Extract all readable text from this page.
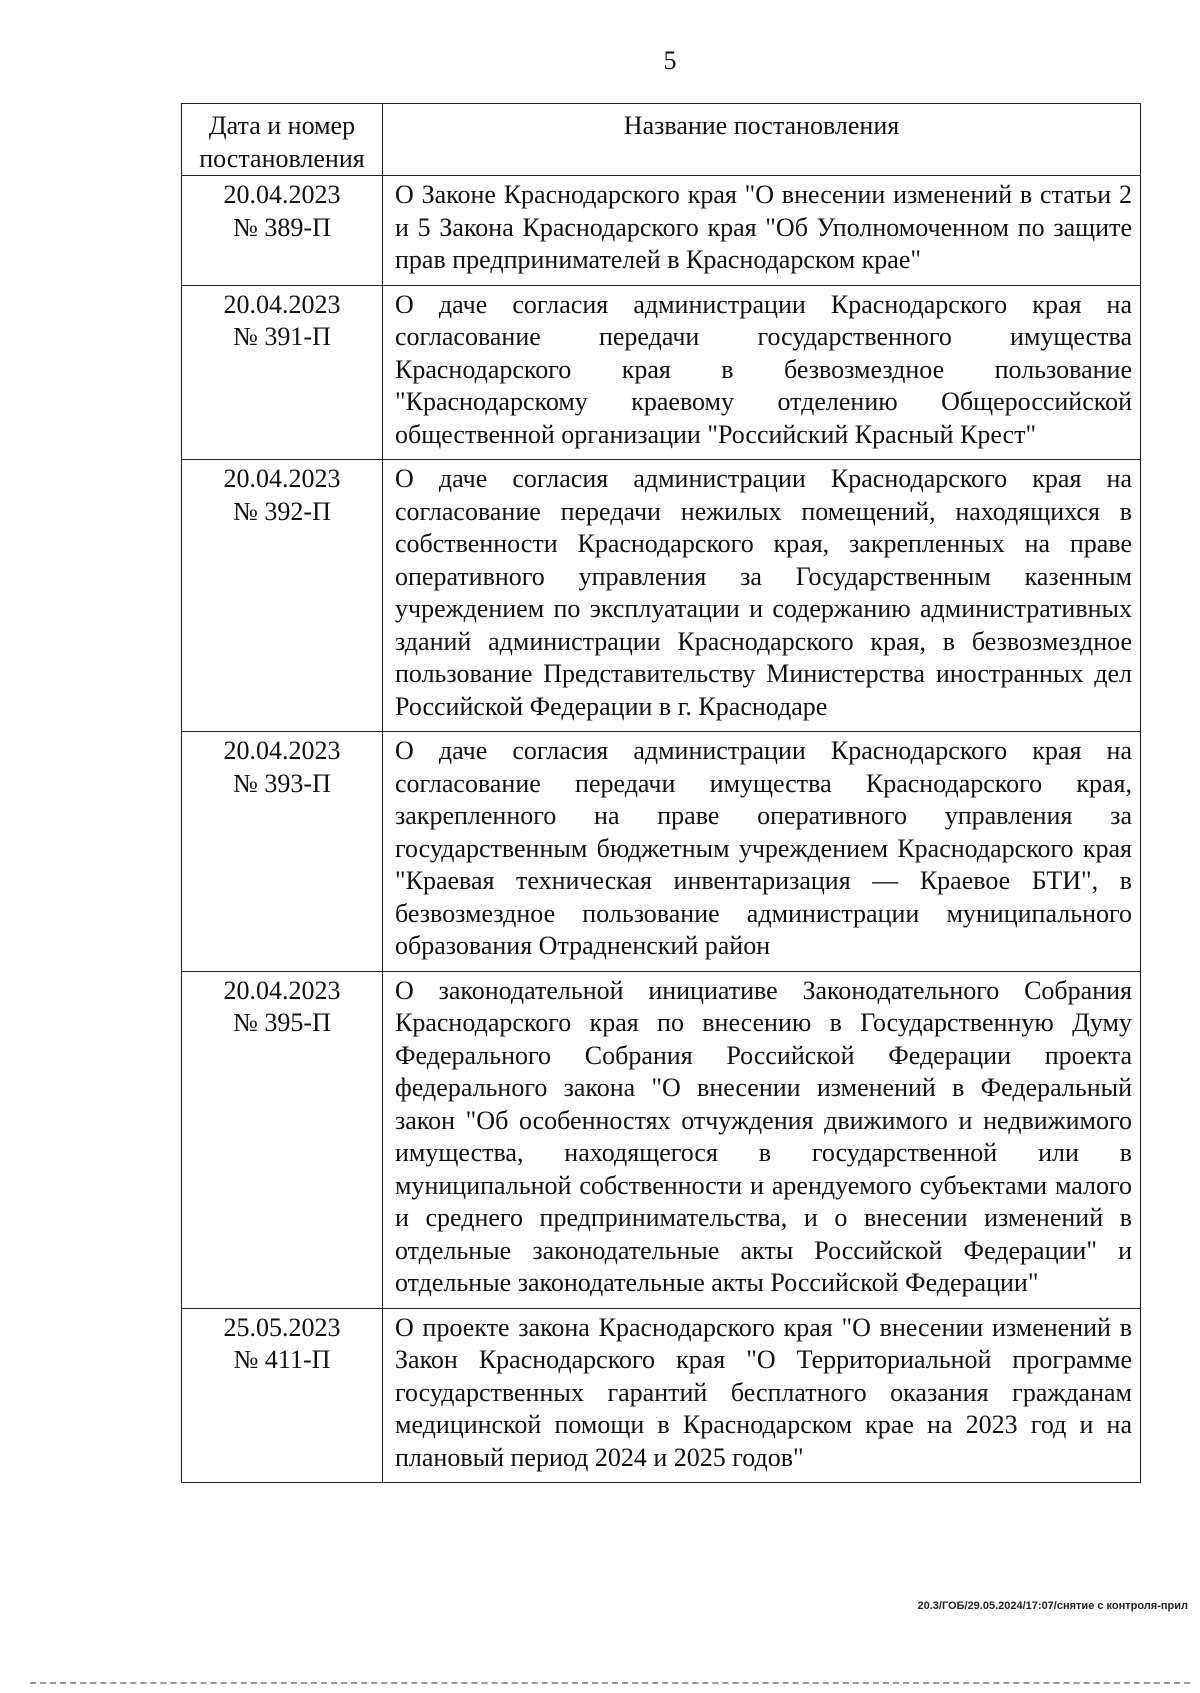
5
Дата и номер постановления	Название постановления

20.04.2023
№ 389-П	О Законе Краснодарского края "О внесении изменений в статьи 2 и 5 Закона Краснодарского края "Об Уполномоченном по защите прав предпринимателей в Краснодарском крае"

20.04.2023
№ 391-П	О даче согласия администрации Краснодарского края на согласование передачи государственного имущества Краснодарского края в безвозмездное пользование "Краснодарскому краевому отделению Общероссийской общественной организации "Российский Красный Крест"

20.04.2023
№ 392-П	О даче согласия администрации Краснодарского края на согласование передачи нежилых помещений, находящихся в собственности Краснодарского края, закрепленных на праве оперативного управления за Государственным казенным учреждением по эксплуатации и содержанию административных зданий администрации Краснодарского края, в безвозмездное пользование Представительству Министерства иностранных дел Российской Федерации в г. Краснодаре

20.04.2023
№ 393-П	О даче согласия администрации Краснодарского края на согласование передачи имущества Краснодарского края, закрепленного на праве оперативного управления за государственным бюджетным учреждением Краснодарского края "Краевая техническая инвентаризация — Краевое БТИ", в безвозмездное пользование администрации муниципального образования Отрадненский район

20.04.2023
№ 395-П	О законодательной инициативе Законодательного Собрания Краснодарского края по внесению в Государственную Думу Федерального Собрания Российской Федерации проекта федерального закона "О внесении изменений в Федеральный закон "Об особенностях отчуждения движимого и недвижимого имущества, находящегося в государственной или в муниципальной собственности и арендуемого субъектами малого и среднего предпринимательства, и о внесении изменений в отдельные законодательные акты Российской Федерации" и отдельные законодательные акты Российской Федерации"

25.05.2023
№ 411-П	О проекте закона Краснодарского края "О внесении изменений в Закон Краснодарского края "О Территориальной программе государственных гарантий бесплатного оказания гражданам медицинской помощи в Краснодарском крае на 2023 год и на плановый период 2024 и 2025 годов"
20.3/ГОБ/29.05.2024/17:07/снятие с контроля-прил
